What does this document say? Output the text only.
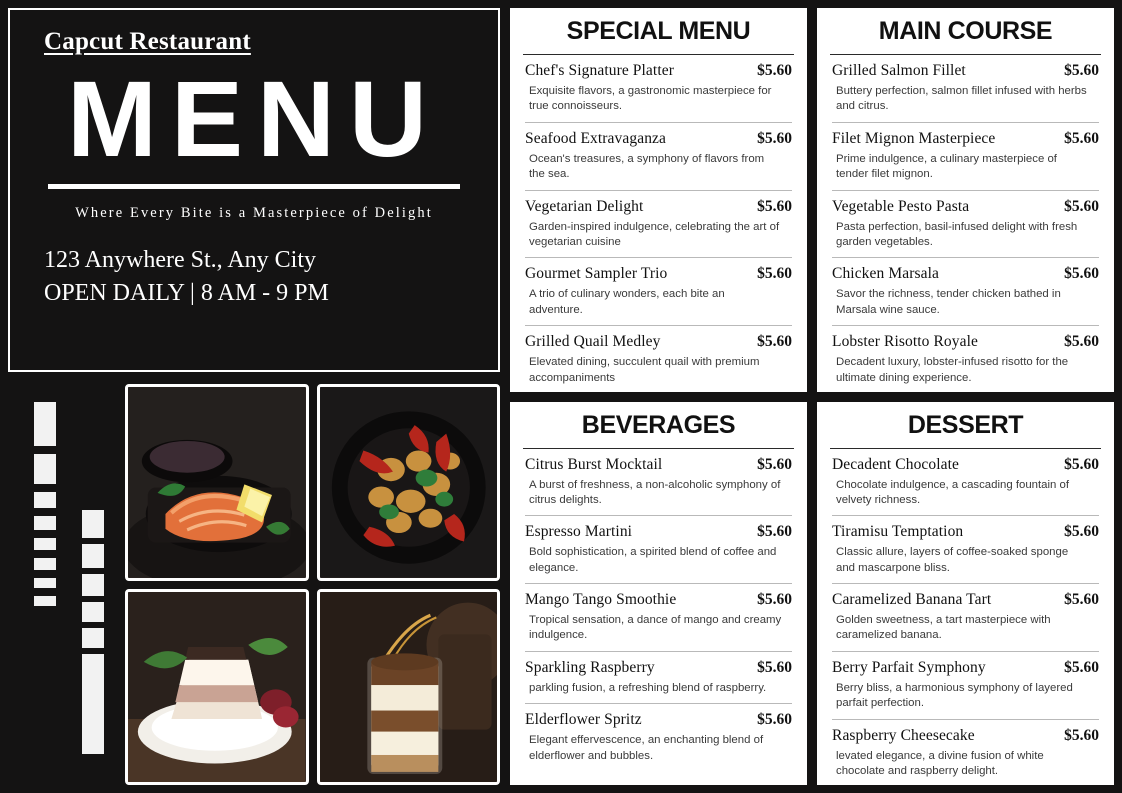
Capcut Restaurant
MENU
Where Every Bite is a Masterpiece of Delight
123 Anywhere St., Any City
OPEN DAILY | 8 AM - 9 PM
SPECIAL MENU
Chef's Signature Platter	$5.60
Exquisite flavors, a gastronomic masterpiece for true connoisseurs.
Seafood Extravaganza	$5.60
Ocean's treasures, a symphony of flavors from the sea.
Vegetarian Delight	$5.60
Garden-inspired indulgence, celebrating the art of vegetarian cuisine
Gourmet Sampler Trio	$5.60
A trio of culinary wonders, each bite an adventure.
Grilled Quail Medley	$5.60
Elevated dining, succulent quail with premium accompaniments
MAIN COURSE
Grilled Salmon Fillet	$5.60
Buttery perfection, salmon fillet infused with herbs and citrus.
Filet Mignon Masterpiece	$5.60
Prime indulgence, a culinary masterpiece of tender filet mignon.
Vegetable Pesto Pasta	$5.60
Pasta perfection, basil-infused delight with fresh garden vegetables.
Chicken Marsala	$5.60
Savor the richness, tender chicken bathed in Marsala wine sauce.
Lobster Risotto Royale	$5.60
Decadent luxury, lobster-infused risotto for the ultimate dining experience.
BEVERAGES
Citrus Burst Mocktail	$5.60
A burst of freshness, a non-alcoholic symphony of citrus delights.
Espresso Martini	$5.60
Bold sophistication, a spirited blend of coffee and elegance.
Mango Tango Smoothie	$5.60
Tropical sensation, a dance of mango and creamy indulgence.
Sparkling Raspberry	$5.60
parkling fusion, a refreshing blend of raspberry.
Elderflower Spritz	$5.60
Elegant effervescence, an enchanting blend of elderflower and bubbles.
DESSERT
Decadent Chocolate	$5.60
Chocolate indulgence, a cascading fountain of velvety richness.
Tiramisu Temptation	$5.60
Classic allure, layers of coffee-soaked sponge and mascarpone bliss.
Caramelized Banana Tart	$5.60
Golden sweetness, a tart masterpiece with caramelized banana.
Berry Parfait Symphony	$5.60
Berry bliss, a harmonious symphony of layered parfait perfection.
Raspberry Cheesecake	$5.60
levated elegance, a divine fusion of white chocolate and raspberry delight.
